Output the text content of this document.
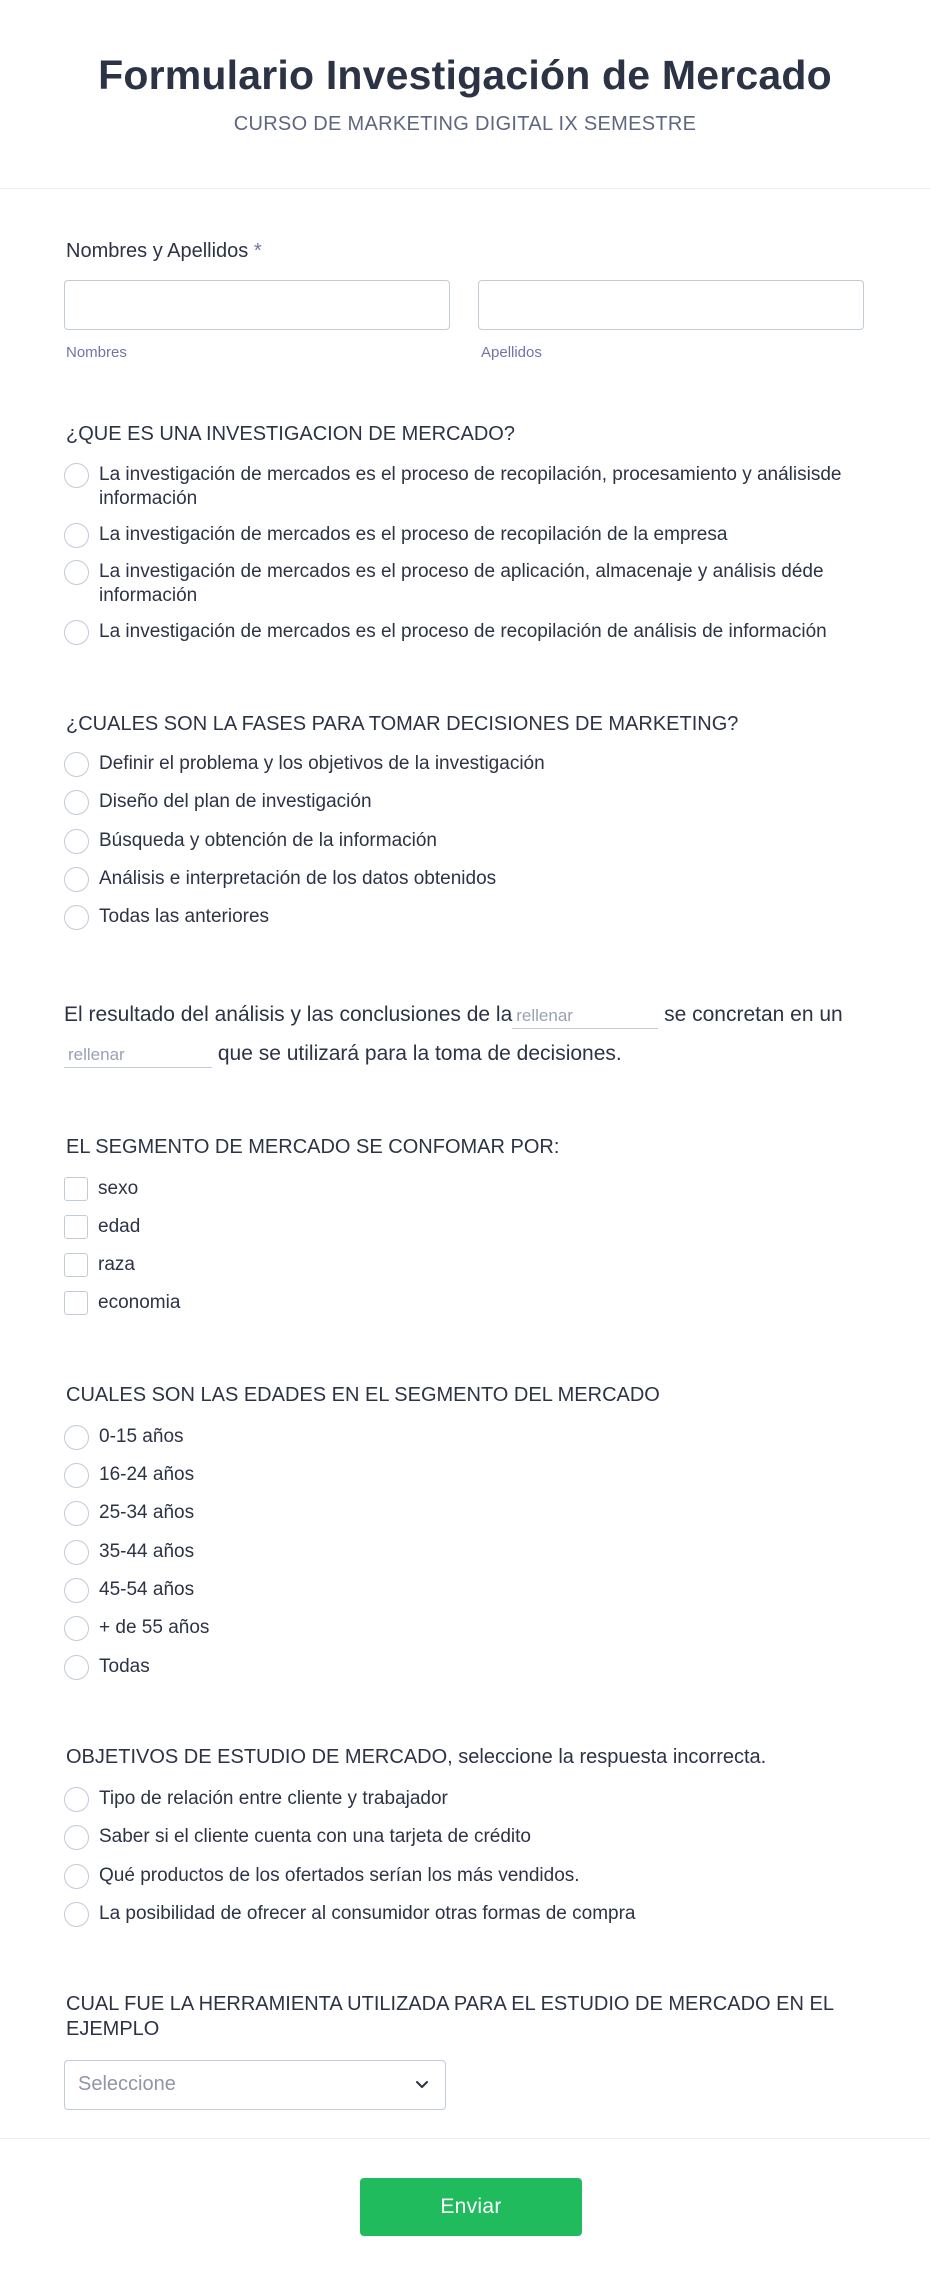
Formulario Investigación de Mercado
CURSO DE MARKETING DIGITAL IX SEMESTRE
Nombres y Apellidos *
Nombres	Apellidos
¿QUE ES UNA INVESTIGACION DE MERCADO?
La investigación de mercados es el proceso de recopilación, procesamiento y análisisde información
La investigación de mercados es el proceso de recopilación de la empresa
La investigación de mercados es el proceso de aplicación, almacenaje y análisis déde información
La investigación de mercados es el proceso de recopilación de análisis de información
¿CUALES SON LA FASES PARA TOMAR DECISIONES DE MARKETING?
Definir el problema y los objetivos de la investigación
Diseño del plan de investigación
Búsqueda y obtención de la información
Análisis e interpretación de los datos obtenidos
Todas las anteriores
El resultado del análisis y las conclusiones de la rellenar	se concretan en un
rellenar	que se utilizará para la toma de decisiones.
EL SEGMENTO DE MERCADO SE CONFOMAR POR:
sexo
edad
raza
economia
CUALES SON LAS EDADES EN EL SEGMENTO DEL MERCADO
0-15 años
16-24 años
25-34 años
35-44 años
45-54 años
+ de 55 años
Todas
OBJETIVOS DE ESTUDIO DE MERCADO, seleccione la respuesta incorrecta.
Tipo de relación entre cliente y trabajador
Saber si el cliente cuenta con una tarjeta de crédito
Qué productos de los ofertados serían los más vendidos.
La posibilidad de ofrecer al consumidor otras formas de compra
CUAL FUE LA HERRAMIENTA UTILIZADA PARA EL ESTUDIO DE MERCADO EN EL EJEMPLO
Seleccione
Enviar
